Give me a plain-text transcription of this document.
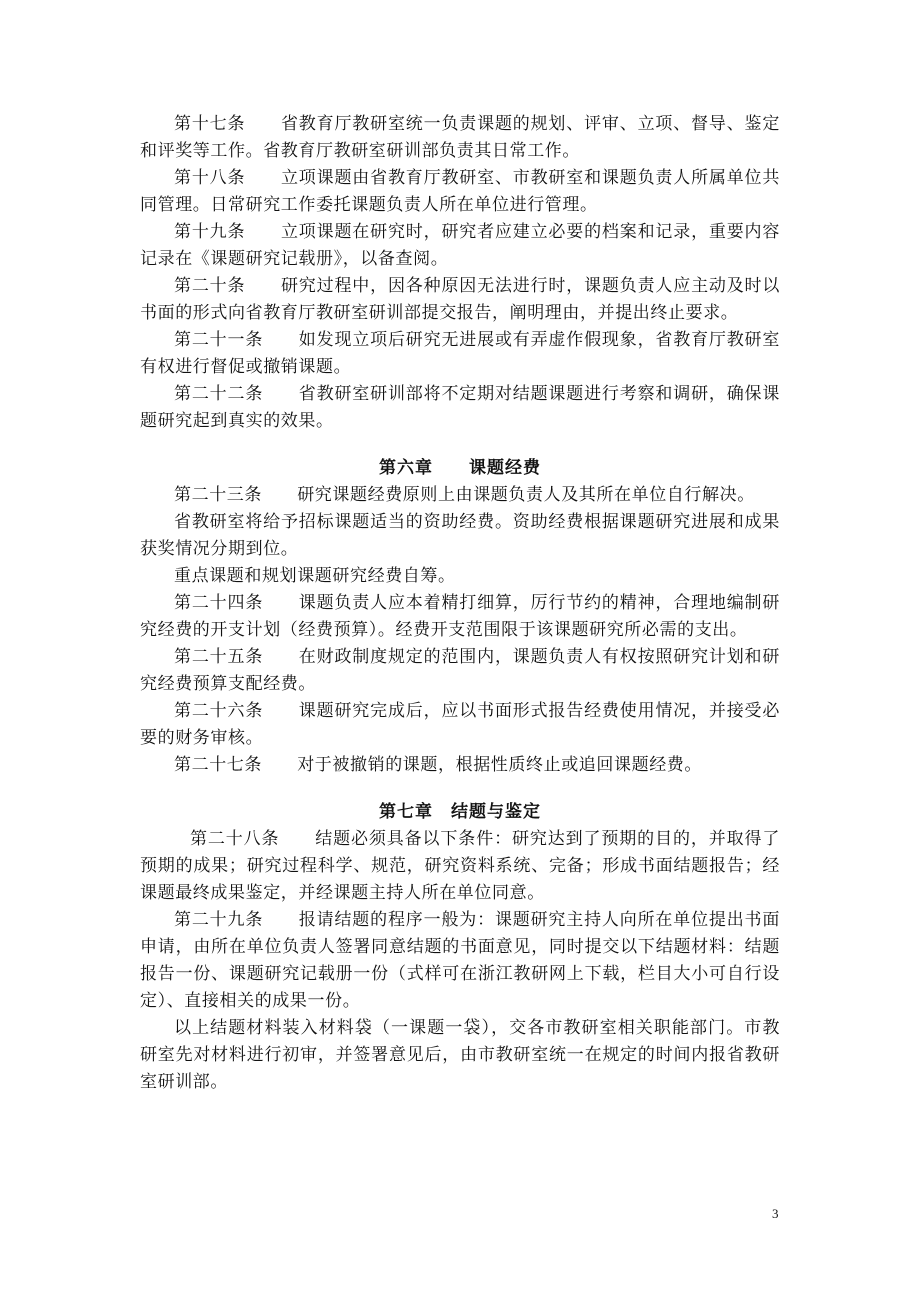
第十七条　　省教育厅教研室统一负责课题的规划、评审、立项、督导、鉴定和评奖等工作。省教育厅教研室研训部负责其日常工作。

第十八条　　立项课题由省教育厅教研室、市教研室和课题负责人所属单位共同管理。日常研究工作委托课题负责人所在单位进行管理。

第十九条　　立项课题在研究时，研究者应建立必要的档案和记录，重要内容记录在《课题研究记载册》，以备查阅。

第二十条　　研究过程中，因各种原因无法进行时，课题负责人应主动及时以书面的形式向省教育厅教研室研训部提交报告，阐明理由，并提出终止要求。

第二十一条　　如发现立项后研究无进展或有弄虚作假现象，省教育厅教研室有权进行督促或撤销课题。

第二十二条　　省教研室研训部将不定期对结题课题进行考察和调研，确保课题研究起到真实的效果。

第六章　　课题经费

第二十三条　　研究课题经费原则上由课题负责人及其所在单位自行解决。

省教研室将给予招标课题适当的资助经费。资助经费根据课题研究进展和成果获奖情况分期到位。

重点课题和规划课题研究经费自筹。

第二十四条　　课题负责人应本着精打细算，厉行节约的精神，合理地编制研究经费的开支计划（经费预算）。经费开支范围限于该课题研究所必需的支出。

第二十五条　　在财政制度规定的范围内，课题负责人有权按照研究计划和研究经费预算支配经费。

第二十六条　　课题研究完成后，应以书面形式报告经费使用情况，并接受必要的财务审核。

第二十七条　　对于被撤销的课题，根据性质终止或追回课题经费。

第七章　结题与鉴定

第二十八条　　结题必须具备以下条件：研究达到了预期的目的，并取得了预期的成果；研究过程科学、规范，研究资料系统、完备；形成书面结题报告；经课题最终成果鉴定，并经课题主持人所在单位同意。

第二十九条　　报请结题的程序一般为：课题研究主持人向所在单位提出书面申请，由所在单位负责人签署同意结题的书面意见，同时提交以下结题材料：结题报告一份、课题研究记载册一份（式样可在浙江教研网上下载，栏目大小可自行设定）、直接相关的成果一份。

以上结题材料装入材料袋（一课题一袋），交各市教研室相关职能部门。市教研室先对材料进行初审，并签署意见后，由市教研室统一在规定的时间内报省教研室研训部。

3
